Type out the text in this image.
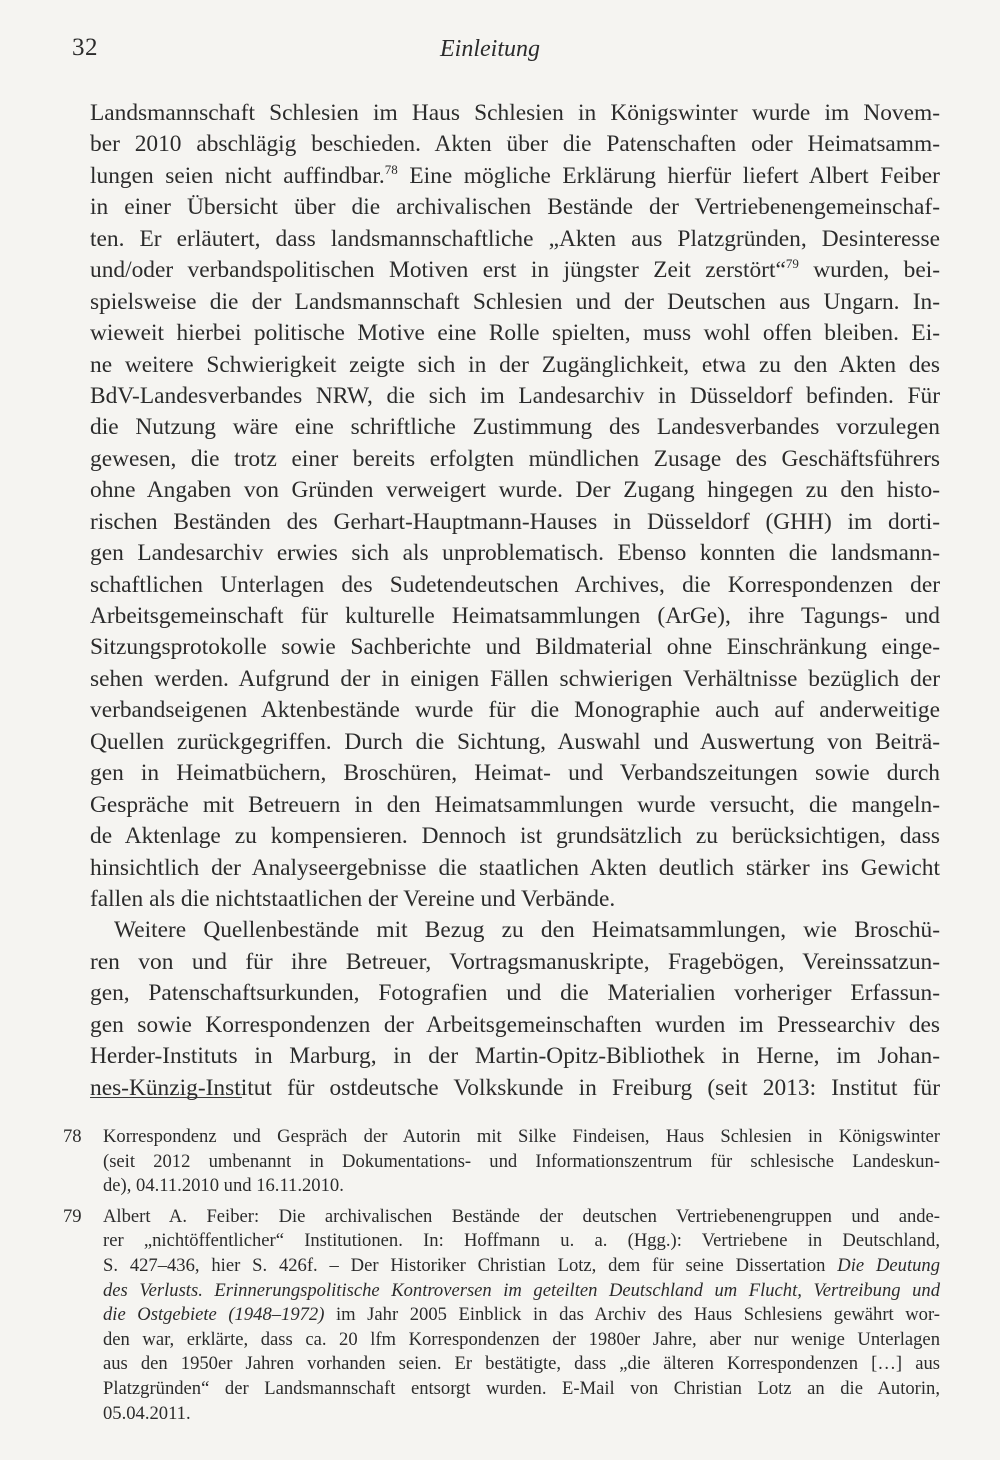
32	Einleitung
Landsmannschaft Schlesien im Haus Schlesien in Königswinter wurde im Novem-
ber 2010 abschlägig beschieden. Akten über die Patenschaften oder Heimatsamm-
lungen seien nicht auffindbar.$^{78}$ Eine mögliche Erklärung hierfür liefert Albert Feiber
in einer Übersicht über die archivalischen Bestände der Vertriebenengemeinschaf-
ten. Er erläutert, dass landsmannschaftliche „Akten aus Platzgründen, Desinteresse
und/oder verbandspolitischen Motiven erst in jüngster Zeit zerstört“$^{79}$ wurden, bei-
spielsweise die der Landsmannschaft Schlesien und der Deutschen aus Ungarn. In-
wieweit hierbei politische Motive eine Rolle spielten, muss wohl offen bleiben. Ei-
ne weitere Schwierigkeit zeigte sich in der Zugänglichkeit, etwa zu den Akten des
BdV-Landesverbandes NRW, die sich im Landesarchiv in Düsseldorf befinden. Für
die Nutzung wäre eine schriftliche Zustimmung des Landesverbandes vorzulegen
gewesen, die trotz einer bereits erfolgten mündlichen Zusage des Geschäftsführers
ohne Angaben von Gründen verweigert wurde. Der Zugang hingegen zu den histo-
rischen Beständen des Gerhart-Hauptmann-Hauses in Düsseldorf (GHH) im dorti-
gen Landesarchiv erwies sich als unproblematisch. Ebenso konnten die landsmann-
schaftlichen Unterlagen des Sudetendeutschen Archives, die Korrespondenzen der
Arbeitsgemeinschaft für kulturelle Heimatsammlungen (ArGe), ihre Tagungs- und
Sitzungsprotokolle sowie Sachberichte und Bildmaterial ohne Einschränkung einge-
sehen werden. Aufgrund der in einigen Fällen schwierigen Verhältnisse bezüglich der
verbandseigenen Aktenbestände wurde für die Monographie auch auf anderweitige
Quellen zurückgegriffen. Durch die Sichtung, Auswahl und Auswertung von Beiträ-
gen in Heimatbüchern, Broschüren, Heimat- und Verbandszeitungen sowie durch
Gespräche mit Betreuern in den Heimatsammlungen wurde versucht, die mangeln-
de Aktenlage zu kompensieren. Dennoch ist grundsätzlich zu berücksichtigen, dass
hinsichtlich der Analyseergebnisse die staatlichen Akten deutlich stärker ins Gewicht
fallen als die nichtstaatlichen der Vereine und Verbände.
Weitere Quellenbestände mit Bezug zu den Heimatsammlungen, wie Broschü-
ren von und für ihre Betreuer, Vortragsmanuskripte, Fragebögen, Vereinssatzun-
gen, Patenschaftsurkunden, Fotografien und die Materialien vorheriger Erfassun-
gen sowie Korrespondenzen der Arbeitsgemeinschaften wurden im Pressearchiv des
Herder-Instituts in Marburg, in der Martin-Opitz-Bibliothek in Herne, im Johan-
nes-Künzig-Institut für ostdeutsche Volkskunde in Freiburg (seit 2013: Institut für
78 Korrespondenz und Gespräch der Autorin mit Silke Findeisen, Haus Schlesien in Königswinter
(seit 2012 umbenannt in Dokumentations- und Informationszentrum für schlesische Landeskun-
de), 04.11.2010 und 16.11.2010.
79 Albert A. Feiber: Die archivalischen Bestände der deutschen Vertriebenengruppen und ande-
rer „nichtöffentlicher“ Institutionen. In: Hoffmann u. a. (Hgg.): Vertriebene in Deutschland,
S. 427–436, hier S. 426f. – Der Historiker Christian Lotz, dem für seine Dissertation Die Deutung
des Verlusts. Erinnerungspolitische Kontroversen im geteilten Deutschland um Flucht, Vertreibung und
die Ostgebiete (1948–1972) im Jahr 2005 Einblick in das Archiv des Haus Schlesiens gewährt wor-
den war, erklärte, dass ca. 20 lfm Korrespondenzen der 1980er Jahre, aber nur wenige Unterlagen
aus den 1950er Jahren vorhanden seien. Er bestätigte, dass „die älteren Korrespondenzen […] aus
Platzgründen“ der Landsmannschaft entsorgt wurden. E-Mail von Christian Lotz an die Autorin,
05.04.2011.
